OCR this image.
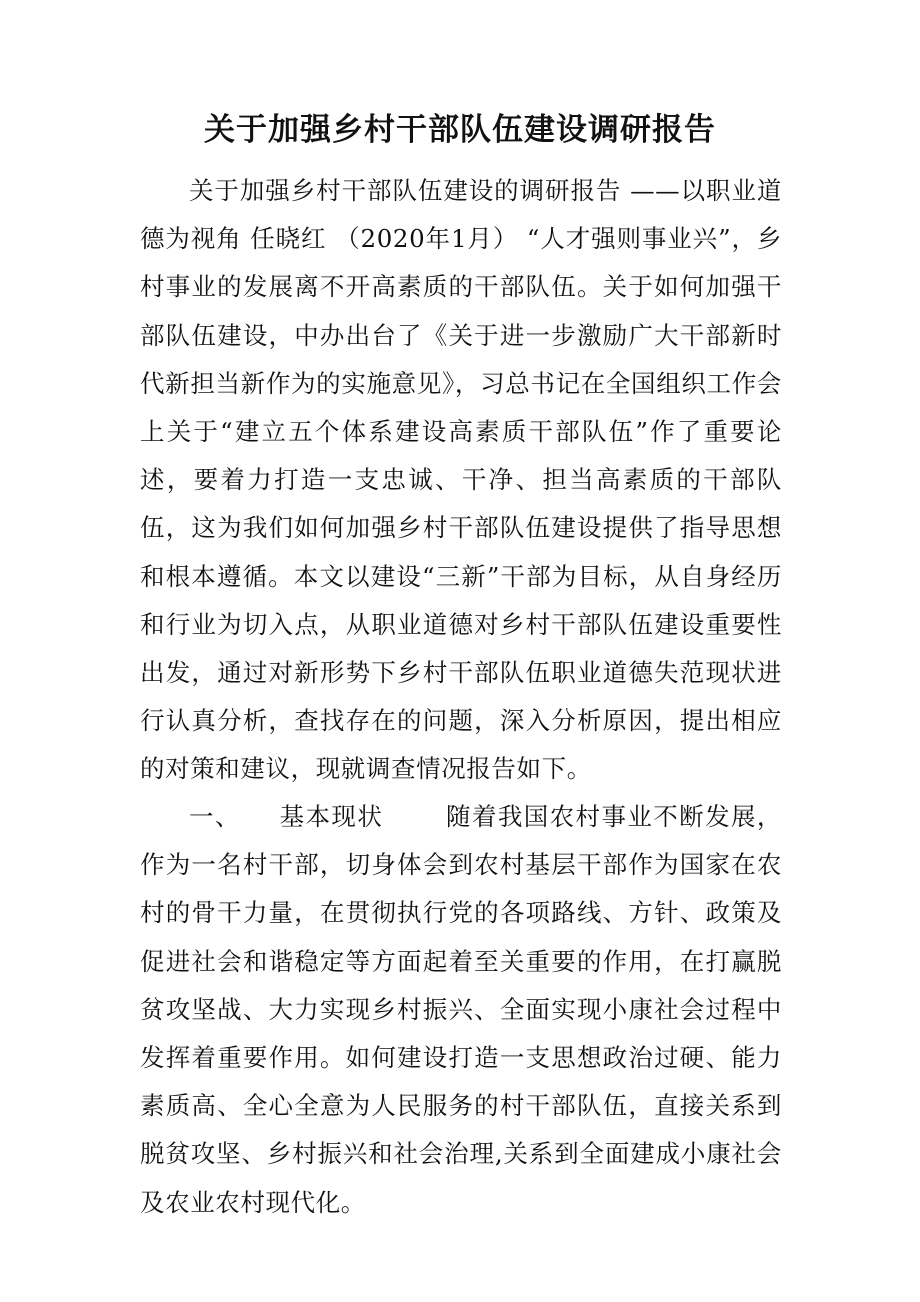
关于加强乡村干部队伍建设调研报告

关于加强乡村干部队伍建设的调研报告 ——以职业道德为视角 任晓红 （2020年1月） “人才强则事业兴”，乡村事业的发展离不开高素质的干部队伍。关于如何加强干部队伍建设，中办出台了《关于进一步激励广大干部新时代新担当新作为的实施意见》，习总书记在全国组织工作会上关于“建立五个体系建设高素质干部队伍”作了重要论述，要着力打造一支忠诚、干净、担当高素质的干部队伍，这为我们如何加强乡村干部队伍建设提供了指导思想和根本遵循。本文以建设“三新”干部为目标，从自身经历和行业为切入点，从职业道德对乡村干部队伍建设重要性出发，通过对新形势下乡村干部队伍职业道德失范现状进行认真分析，查找存在的问题，深入分析原因，提出相应的对策和建议，现就调查情况报告如下。

一、 基本现状	随着我国农村事业不断发展，作为一名村干部，切身体会到农村基层干部作为国家在农村的骨干力量，在贯彻执行党的各项路线、方针、政策及促进社会和谐稳定等方面起着至关重要的作用，在打赢脱贫攻坚战、大力实现乡村振兴、全面实现小康社会过程中发挥着重要作用。如何建设打造一支思想政治过硬、能力素质高、全心全意为人民服务的村干部队伍，直接关系到脱贫攻坚、乡村振兴和社会治理,关系到全面建成小康社会及农业农村现代化。
